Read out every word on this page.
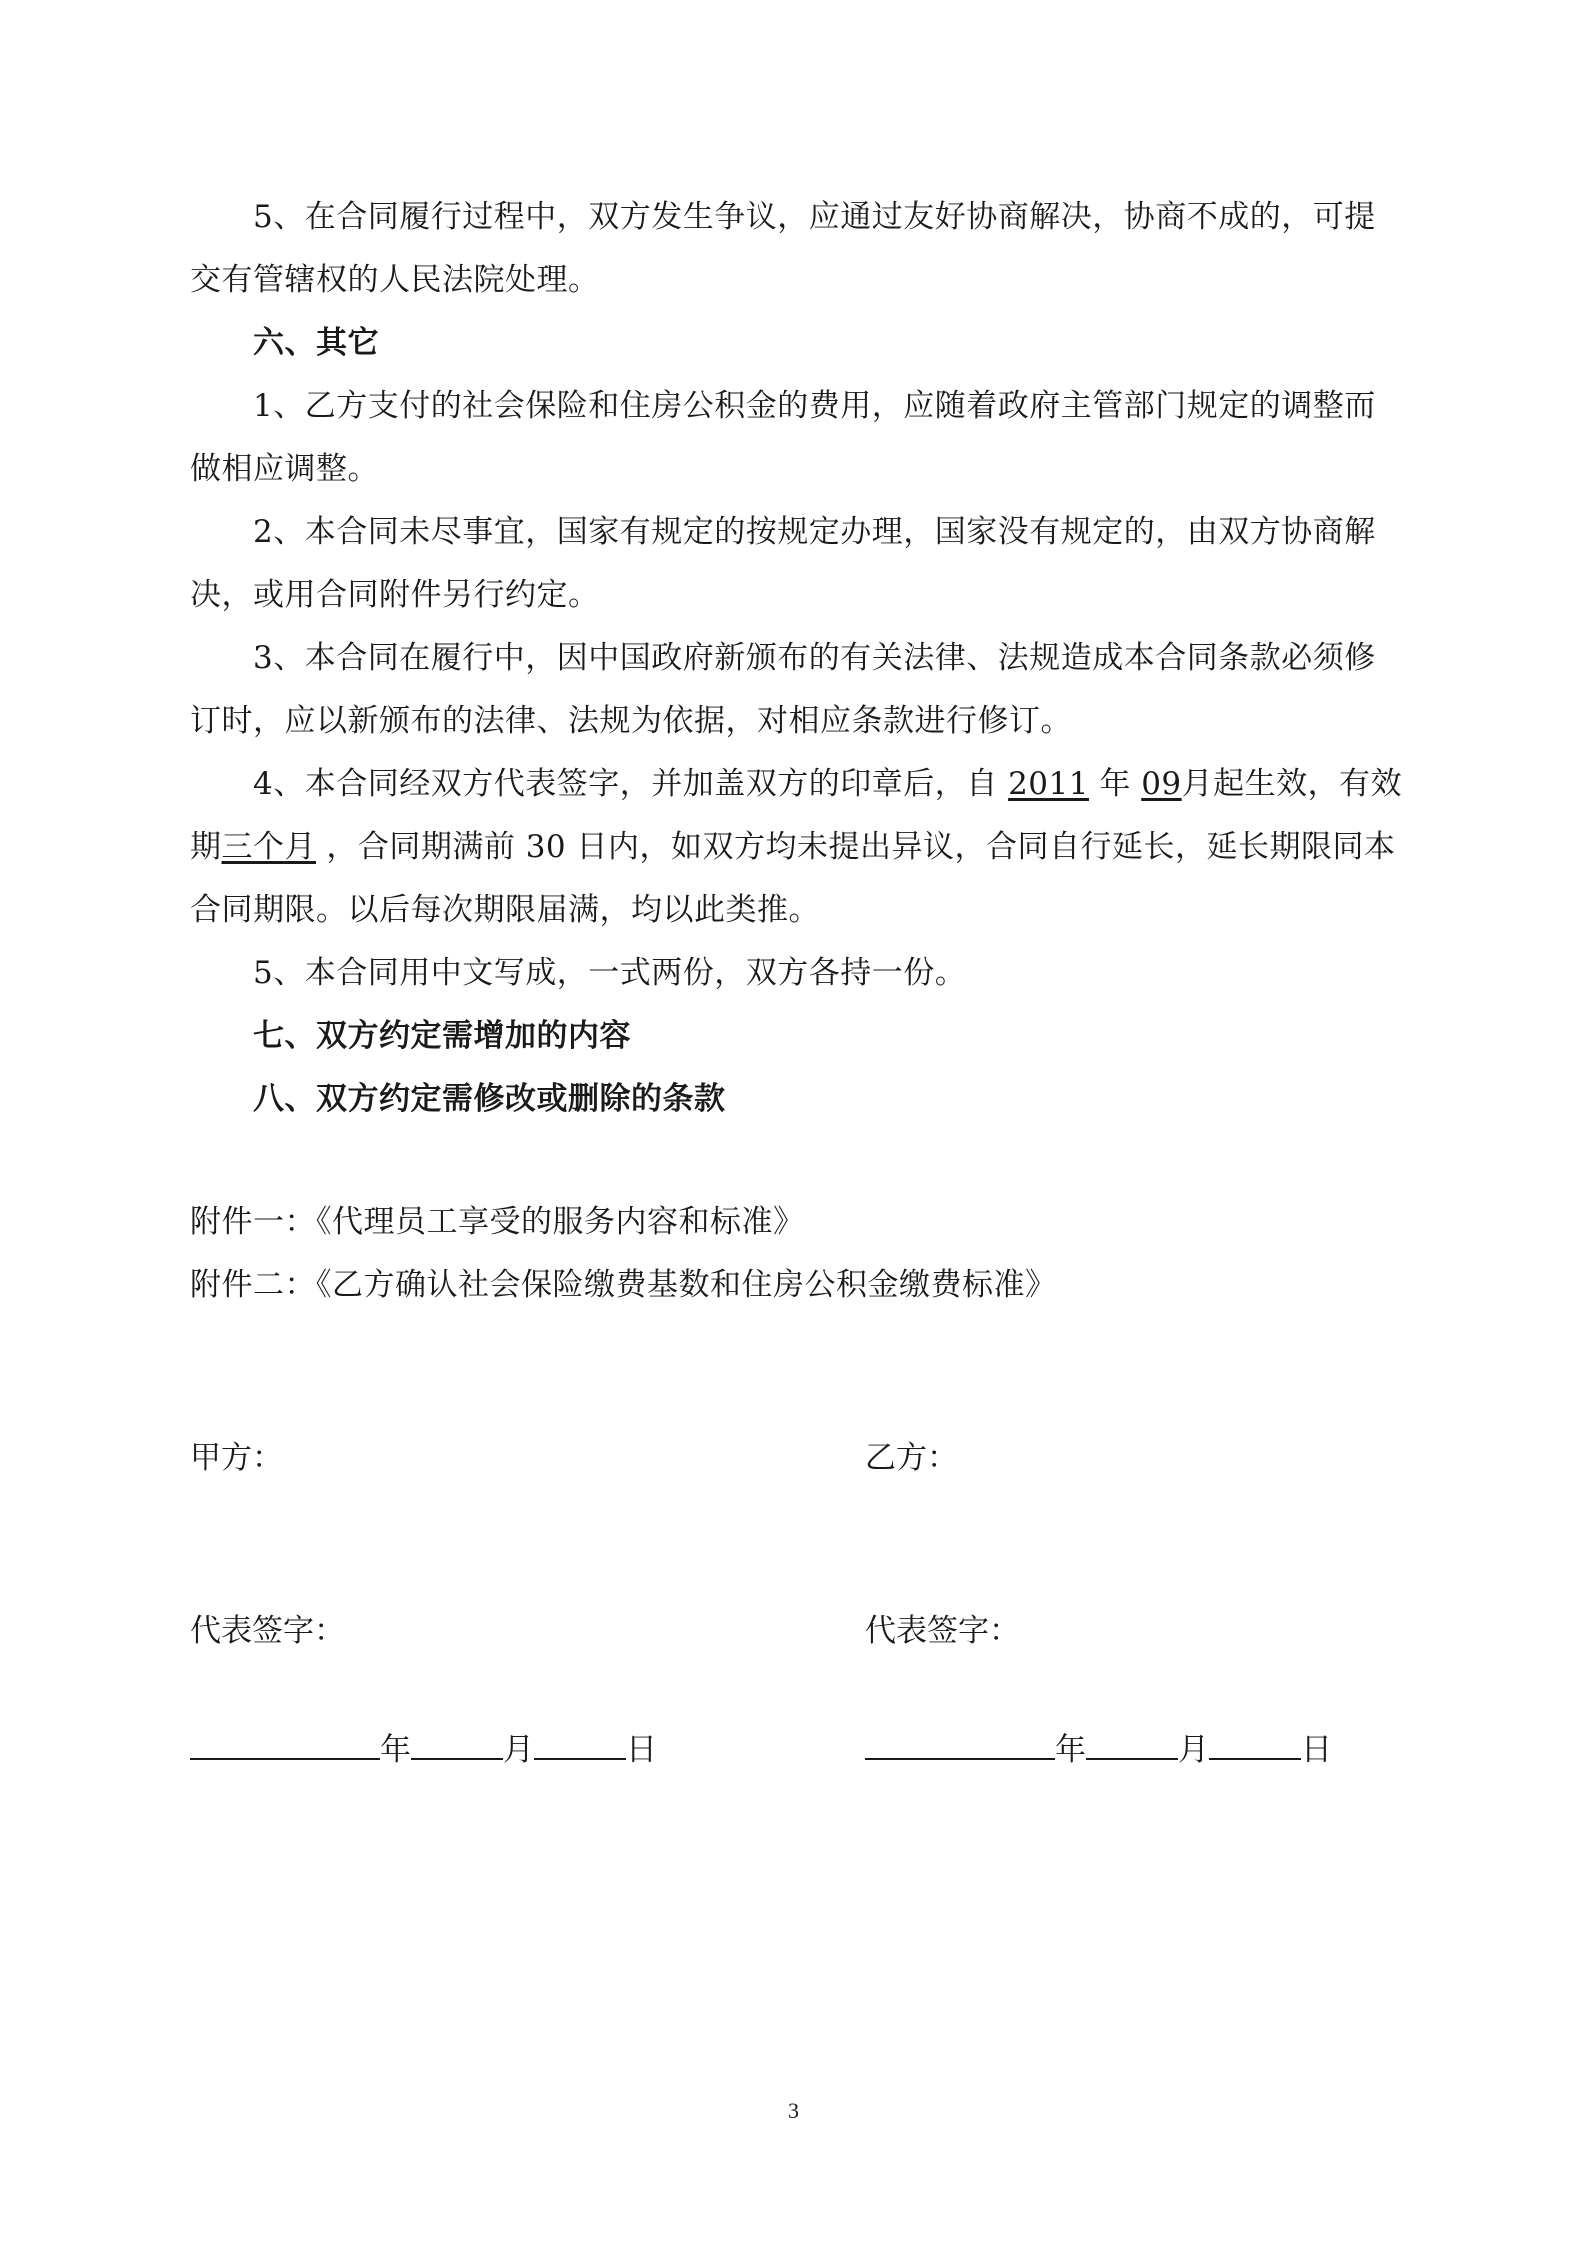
5、在合同履行过程中，双方发生争议，应通过友好协商解决，协商不成的，可提
交有管辖权的人民法院处理。
六、其它
1、乙方支付的社会保险和住房公积金的费用，应随着政府主管部门规定的调整而
做相应调整。
2、本合同未尽事宜，国家有规定的按规定办理，国家没有规定的，由双方协商解
决，或用合同附件另行约定。
3、本合同在履行中，因中国政府新颁布的有关法律、法规造成本合同条款必须修
订时，应以新颁布的法律、法规为依据，对相应条款进行修订。
4、本合同经双方代表签字，并加盖双方的印章后，自 2011 年 09月起生效，有效
期三个月 ，合同期满前 30 日内，如双方均未提出异议，合同自行延长，延长期限同本
合同期限。以后每次期限届满，均以此类推。
5、本合同用中文写成，一式两份，双方各持一份。
七、双方约定需增加的内容
八、双方约定需修改或删除的条款
附件一：《代理员工享受的服务内容和标准》
附件二：《乙方确认社会保险缴费基数和住房公积金缴费标准》
甲方：	乙方：
代表签字：	代表签字：
年	月	日	年	月	日
3
